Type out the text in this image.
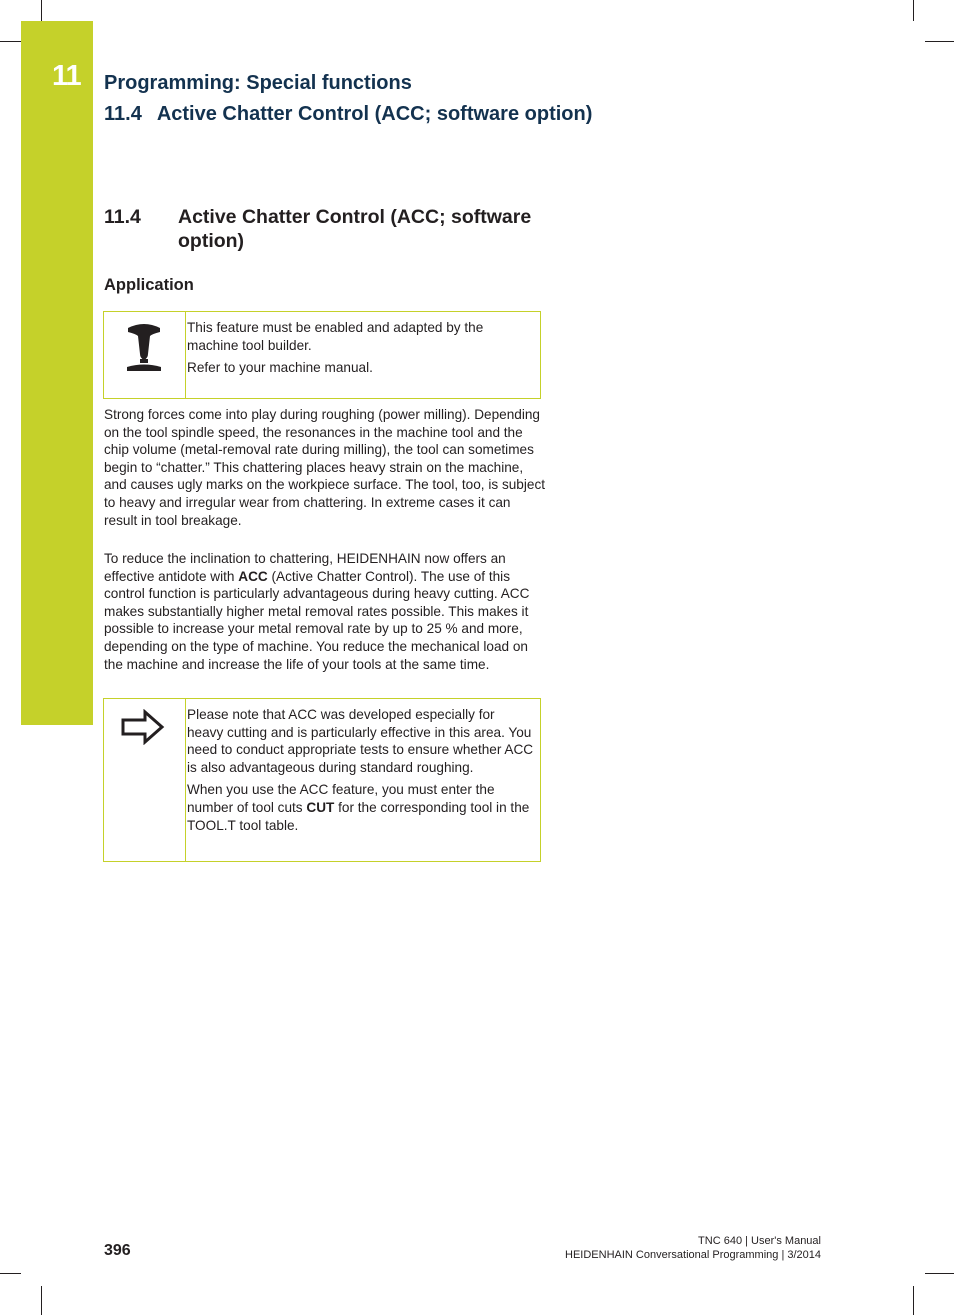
11 Programming: Special functions
11.4 Active Chatter Control (ACC; software option)
11.4 Active Chatter Control (ACC; software option)
Application

This feature must be enabled and adapted by the machine tool builder.

Refer to your machine manual.

Strong forces come into play during roughing (power milling). Depending on the tool spindle speed, the resonances in the machine tool and the chip volume (metal-removal rate during milling), the tool can sometimes begin to “chatter.” This chattering places heavy strain on the machine, and causes ugly marks on the workpiece surface. The tool, too, is subject to heavy and irregular wear from chattering. In extreme cases it can result in tool breakage.

To reduce the inclination to chattering, HEIDENHAIN now offers an effective antidote with ACC (Active Chatter Control). The use of this control function is particularly advantageous during heavy cutting. ACC makes substantially higher metal removal rates possible. This makes it possible to increase your metal removal rate by up to 25 % and more, depending on the type of machine. You reduce the mechanical load on the machine and increase the life of your tools at the same time.

Please note that ACC was developed especially for heavy cutting and is particularly effective in this area. You need to conduct appropriate tests to ensure whether ACC is also advantageous during standard roughing.

When you use the ACC feature, you must enter the number of tool cuts CUT for the corresponding tool in the TOOL.T tool table.

396

TNC 640 | User's Manual
HEIDENHAIN Conversational Programming | 3/2014
